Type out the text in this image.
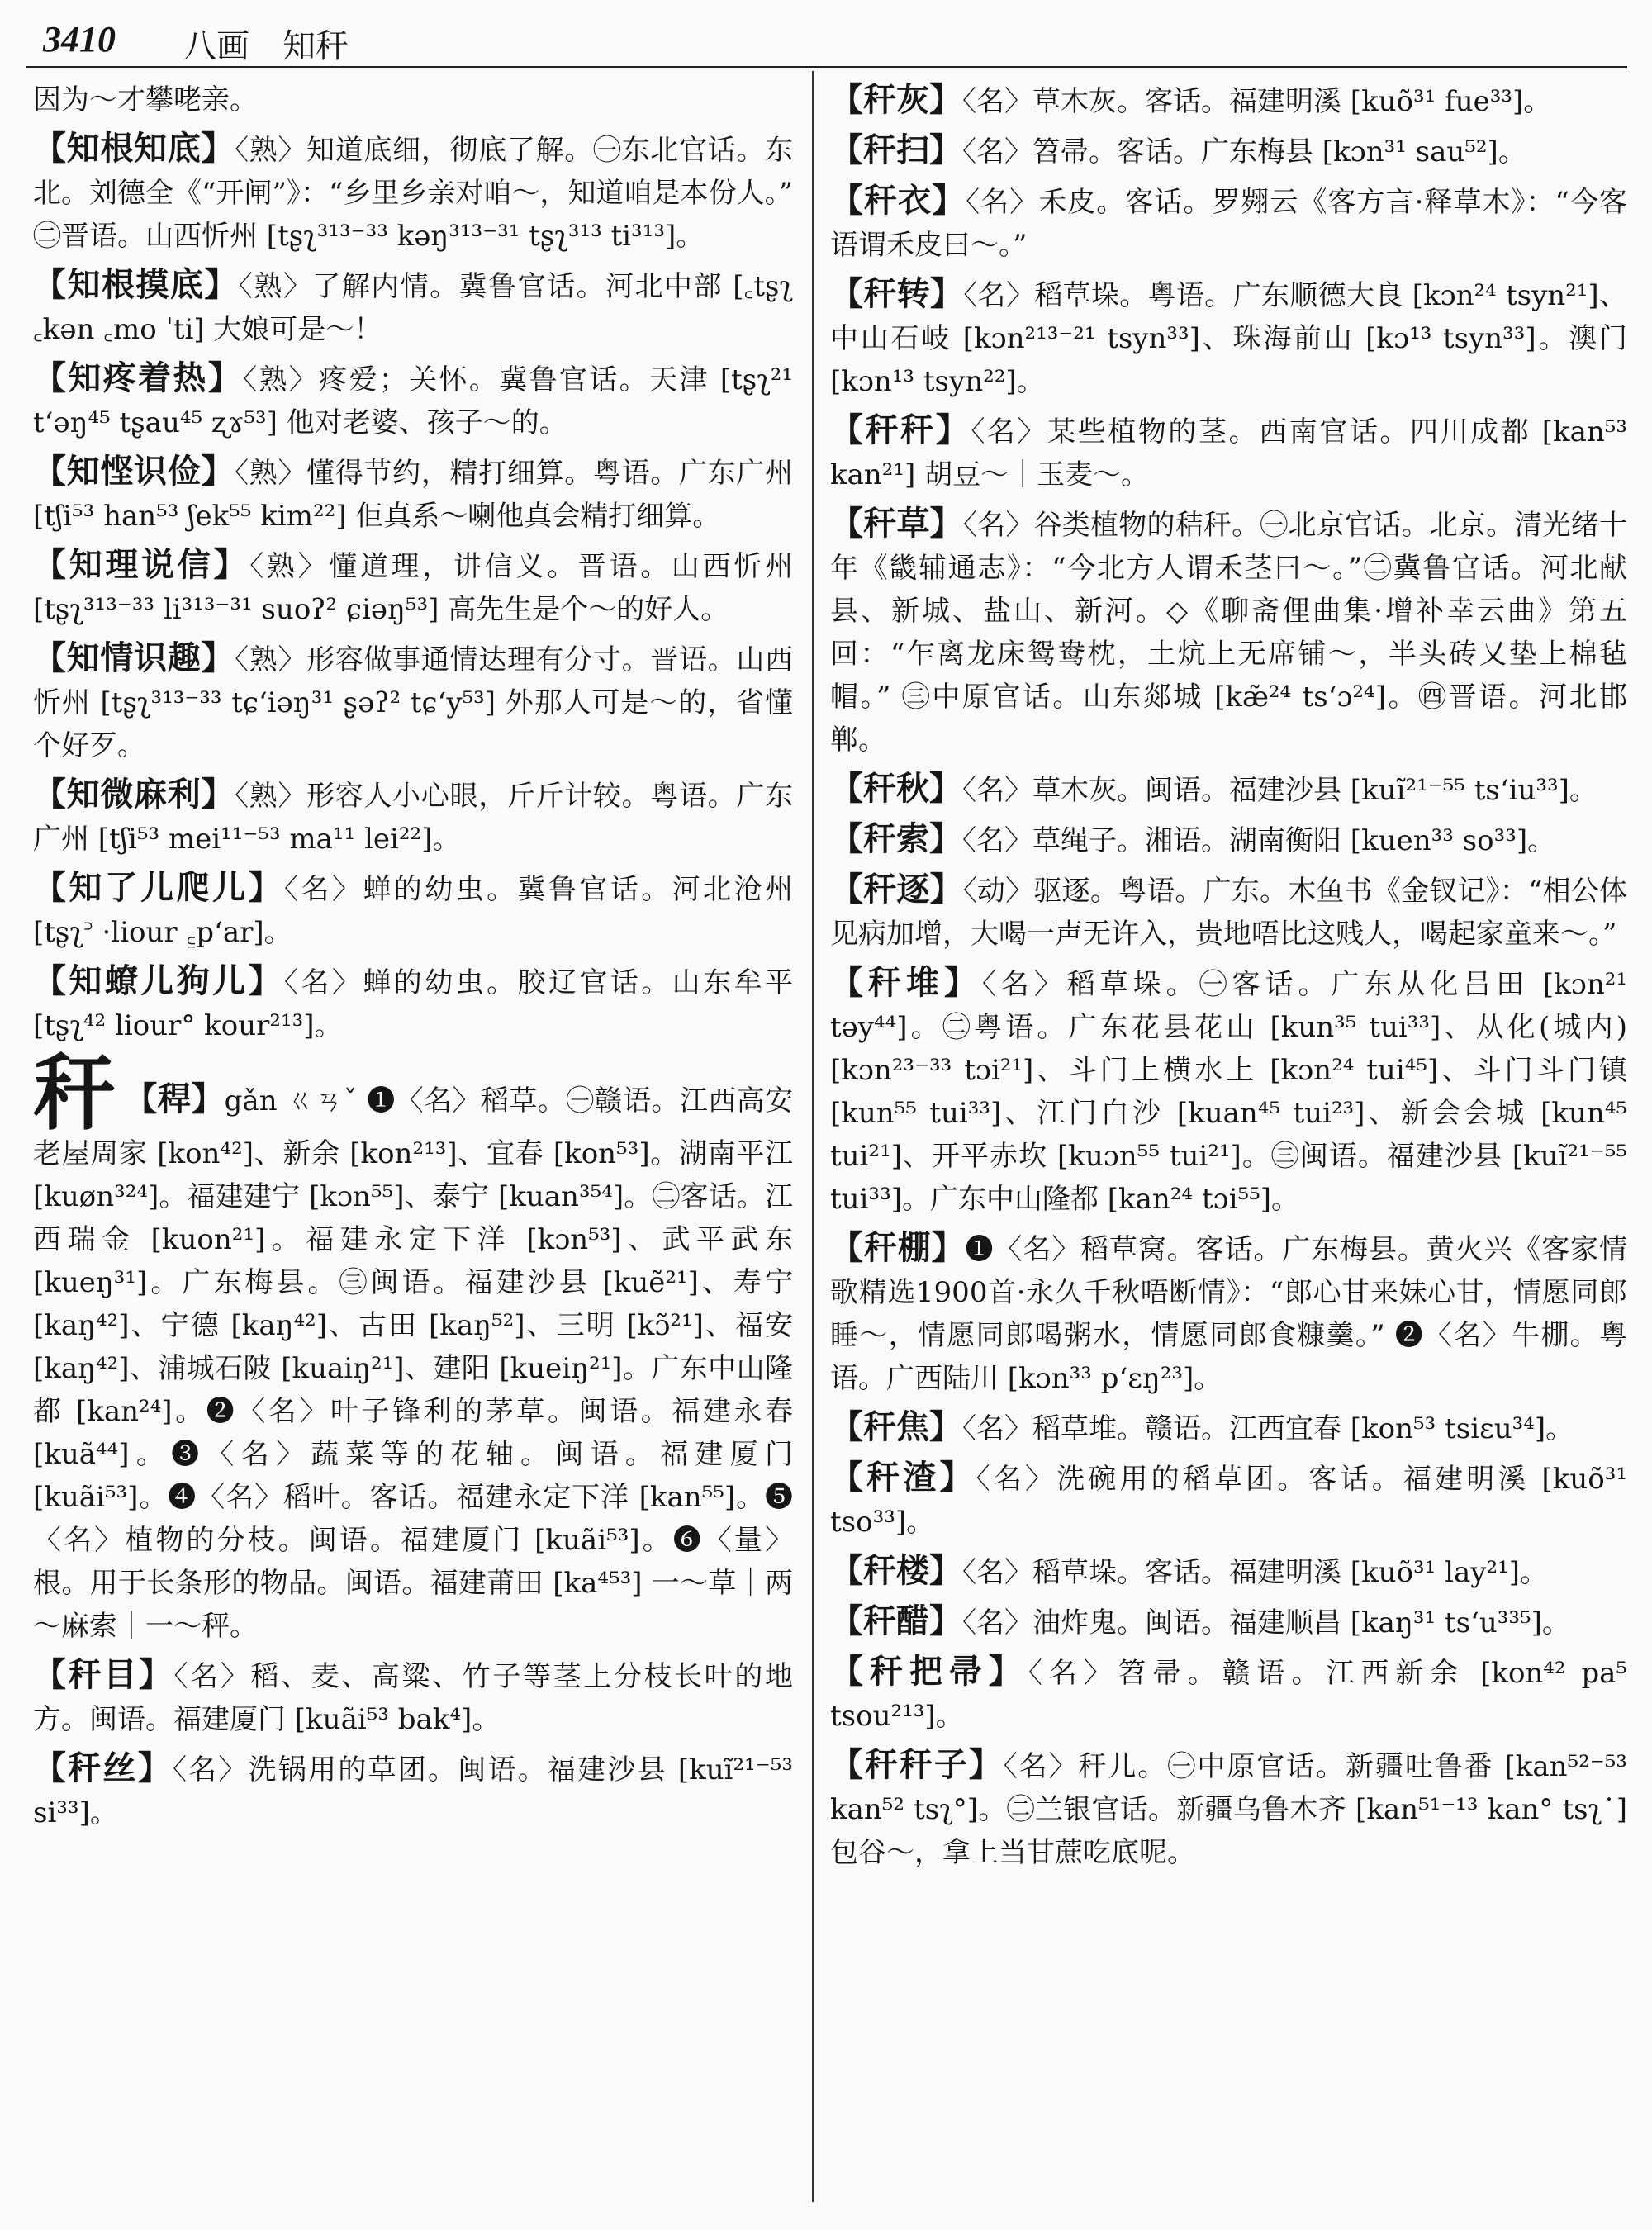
3410 八画　知秆
因为～才攀咾亲。
【知根知底】〈熟〉知道底细，彻底了解。㊀东北官话。东北。刘德全《“开闸”》：“乡里乡亲对咱～，知道咱是本份人。” ㊁晋语。山西忻州 [tʂʅ³¹³⁻³³ kəŋ³¹³⁻³¹ tʂʅ³¹³ ti³¹³]。
【知根摸底】〈熟〉了解内情。冀鲁官话。河北中部 [꜀tʂʅ ꜀kən ꜀mo ˈti] 大娘可是～！
【知疼着热】〈熟〉疼爱；关怀。冀鲁官话。天津 [tʂʅ²¹ tʻəŋ⁴⁵ tʂau⁴⁵ ʐɤ⁵³] 他对老婆、孩子～的。
【知悭识俭】〈熟〉懂得节约，精打细算。粤语。广东广州 [tʃi⁵³ han⁵³ ʃek⁵⁵ kim²²] 佢真系～喇他真会精打细算。
【知理说信】〈熟〉懂道理，讲信义。晋语。山西忻州 [tʂʅ³¹³⁻³³ li³¹³⁻³¹ suoʔ² ɕiəŋ⁵³] 高先生是个～的好人。
【知情识趣】〈熟〉形容做事通情达理有分寸。晋语。山西忻州 [tʂʅ³¹³⁻³³ tɕʻiəŋ³¹ ʂəʔ² tɕʻy⁵³] 外那人可是～的，省懂个好歹。
【知微麻利】〈熟〉形容人小心眼，斤斤计较。粤语。广东广州 [tʃi⁵³ mei¹¹⁻⁵³ ma¹¹ lei²²]。
【知了儿爬儿】〈名〉蝉的幼虫。冀鲁官话。河北沧州 [tʂʅ꜄ ·liour ꜁pʻar]。
【知蟟儿狗儿】〈名〉蝉的幼虫。胶辽官话。山东牟平 [tʂʅ⁴² liour° kour²¹³]。
秆 【稈】gǎn ㄍㄢˇ ❶〈名〉稻草。㊀赣语。江西高安老屋周家 [kon⁴²]、新余 [kon²¹³]、宜春 [kon⁵³]。湖南平江 [kuøn³²⁴]。福建建宁 [kɔn⁵⁵]、泰宁 [kuan³⁵⁴]。㊁客话。江西瑞金 [kuon²¹]。福建永定下洋 [kɔn⁵³]、武平武东 [kueŋ³¹]。广东梅县。㊂闽语。福建沙县 [kuẽ²¹]、寿宁 [kaŋ⁴²]、宁德 [kaŋ⁴²]、古田 [kaŋ⁵²]、三明 [kɔ̃²¹]、福安 [kaŋ⁴²]、浦城石陂 [kuaiŋ²¹]、建阳 [kueiŋ²¹]。广东中山隆都 [kan²⁴]。❷〈名〉叶子锋利的茅草。闽语。福建永春 [kuã⁴⁴]。❸〈名〉蔬菜等的花轴。闽语。福建厦门 [kuãi⁵³]。❹〈名〉稻叶。客话。福建永定下洋 [kan⁵⁵]。❺〈名〉植物的分枝。闽语。福建厦门 [kuãi⁵³]。❻〈量〉根。用于长条形的物品。闽语。福建莆田 [ka⁴⁵³] 一～草｜两～麻索｜一～秤。
【秆目】〈名〉稻、麦、高粱、竹子等茎上分枝长叶的地方。闽语。福建厦门 [kuãi⁵³ bak⁴]。
【秆丝】〈名〉洗锅用的草团。闽语。福建沙县 [kuĩ²¹⁻⁵³ si³³]。
【秆灰】〈名〉草木灰。客话。福建明溪 [kuõ³¹ fue³³]。
【秆扫】〈名〉笤帚。客话。广东梅县 [kɔn³¹ sau⁵²]。
【秆衣】〈名〉禾皮。客话。罗翙云《客方言·释草木》：“今客语谓禾皮曰～。”
【秆转】〈名〉稻草垛。粤语。广东顺德大良 [kɔn²⁴ tsyn²¹]、中山石岐 [kɔn²¹³⁻²¹ tsyn³³]、珠海前山 [kɔ¹³ tsyn³³]。澳门 [kɔn¹³ tsyn²²]。
【秆秆】〈名〉某些植物的茎。西南官话。四川成都 [kan⁵³ kan²¹] 胡豆～｜玉麦～。
【秆草】〈名〉谷类植物的秸秆。㊀北京官话。北京。清光绪十年《畿辅通志》：“今北方人谓禾茎曰～。”㊁冀鲁官话。河北献县、新城、盐山、新河。◇《聊斋俚曲集·增补幸云曲》第五回：“乍离龙床鸳鸯枕，土炕上无席铺～，半头砖又垫上棉毡帽。” ㊂中原官话。山东郯城 [kæ̃²⁴ tsʻɔ²⁴]。㊃晋语。河北邯郸。
【秆秋】〈名〉草木灰。闽语。福建沙县 [kuĩ²¹⁻⁵⁵ tsʻiu³³]。
【秆索】〈名〉草绳子。湘语。湖南衡阳 [kuen³³ so³³]。
【秆逐】〈动〉驱逐。粤语。广东。木鱼书《金钗记》：“相公体见病加增，大喝一声无许入，贵地唔比这贱人，喝起家童来～。”
【秆堆】〈名〉稻草垛。㊀客话。广东从化吕田 [kɔn²¹ təy⁴⁴]。㊁粤语。广东花县花山 [kun³⁵ tui³³]、从化(城内) [kɔn²³⁻³³ tɔi²¹]、斗门上横水上 [kɔn²⁴ tui⁴⁵]、斗门斗门镇 [kun⁵⁵ tui³³]、江门白沙 [kuan⁴⁵ tui²³]、新会会城 [kun⁴⁵ tui²¹]、开平赤坎 [kuɔn⁵⁵ tui²¹]。㊂闽语。福建沙县 [kuĩ²¹⁻⁵⁵ tui³³]。广东中山隆都 [kan²⁴ tɔi⁵⁵]。
【秆棚】❶〈名〉稻草窝。客话。广东梅县。黄火兴《客家情歌精选1900首·永久千秋唔断情》：“郎心甘来妹心甘，情愿同郎睡～，情愿同郎喝粥水，情愿同郎食糠羹。” ❷〈名〉牛棚。粤语。广西陆川 [kɔn³³ pʻɛŋ²³]。
【秆焦】〈名〉稻草堆。赣语。江西宜春 [kon⁵³ tsiɛu³⁴]。
【秆渣】〈名〉洗碗用的稻草团。客话。福建明溪 [kuõ³¹ tso³³]。
【秆楼】〈名〉稻草垛。客话。福建明溪 [kuõ³¹ lay²¹]。
【秆醋】〈名〉油炸鬼。闽语。福建顺昌 [kaŋ³¹ tsʻu³³⁵]。
【秆把帚】〈名〉笤帚。赣语。江西新余 [kon⁴² pa⁵ tsou²¹³]。
【秆秆子】〈名〉秆儿。㊀中原官话。新疆吐鲁番 [kan⁵²⁻⁵³ kan⁵² tsʅ°]。㊁兰银官话。新疆乌鲁木齐 [kan⁵¹⁻¹³ kan° tsʅ˙] 包谷～，拿上当甘蔗吃底呢。
